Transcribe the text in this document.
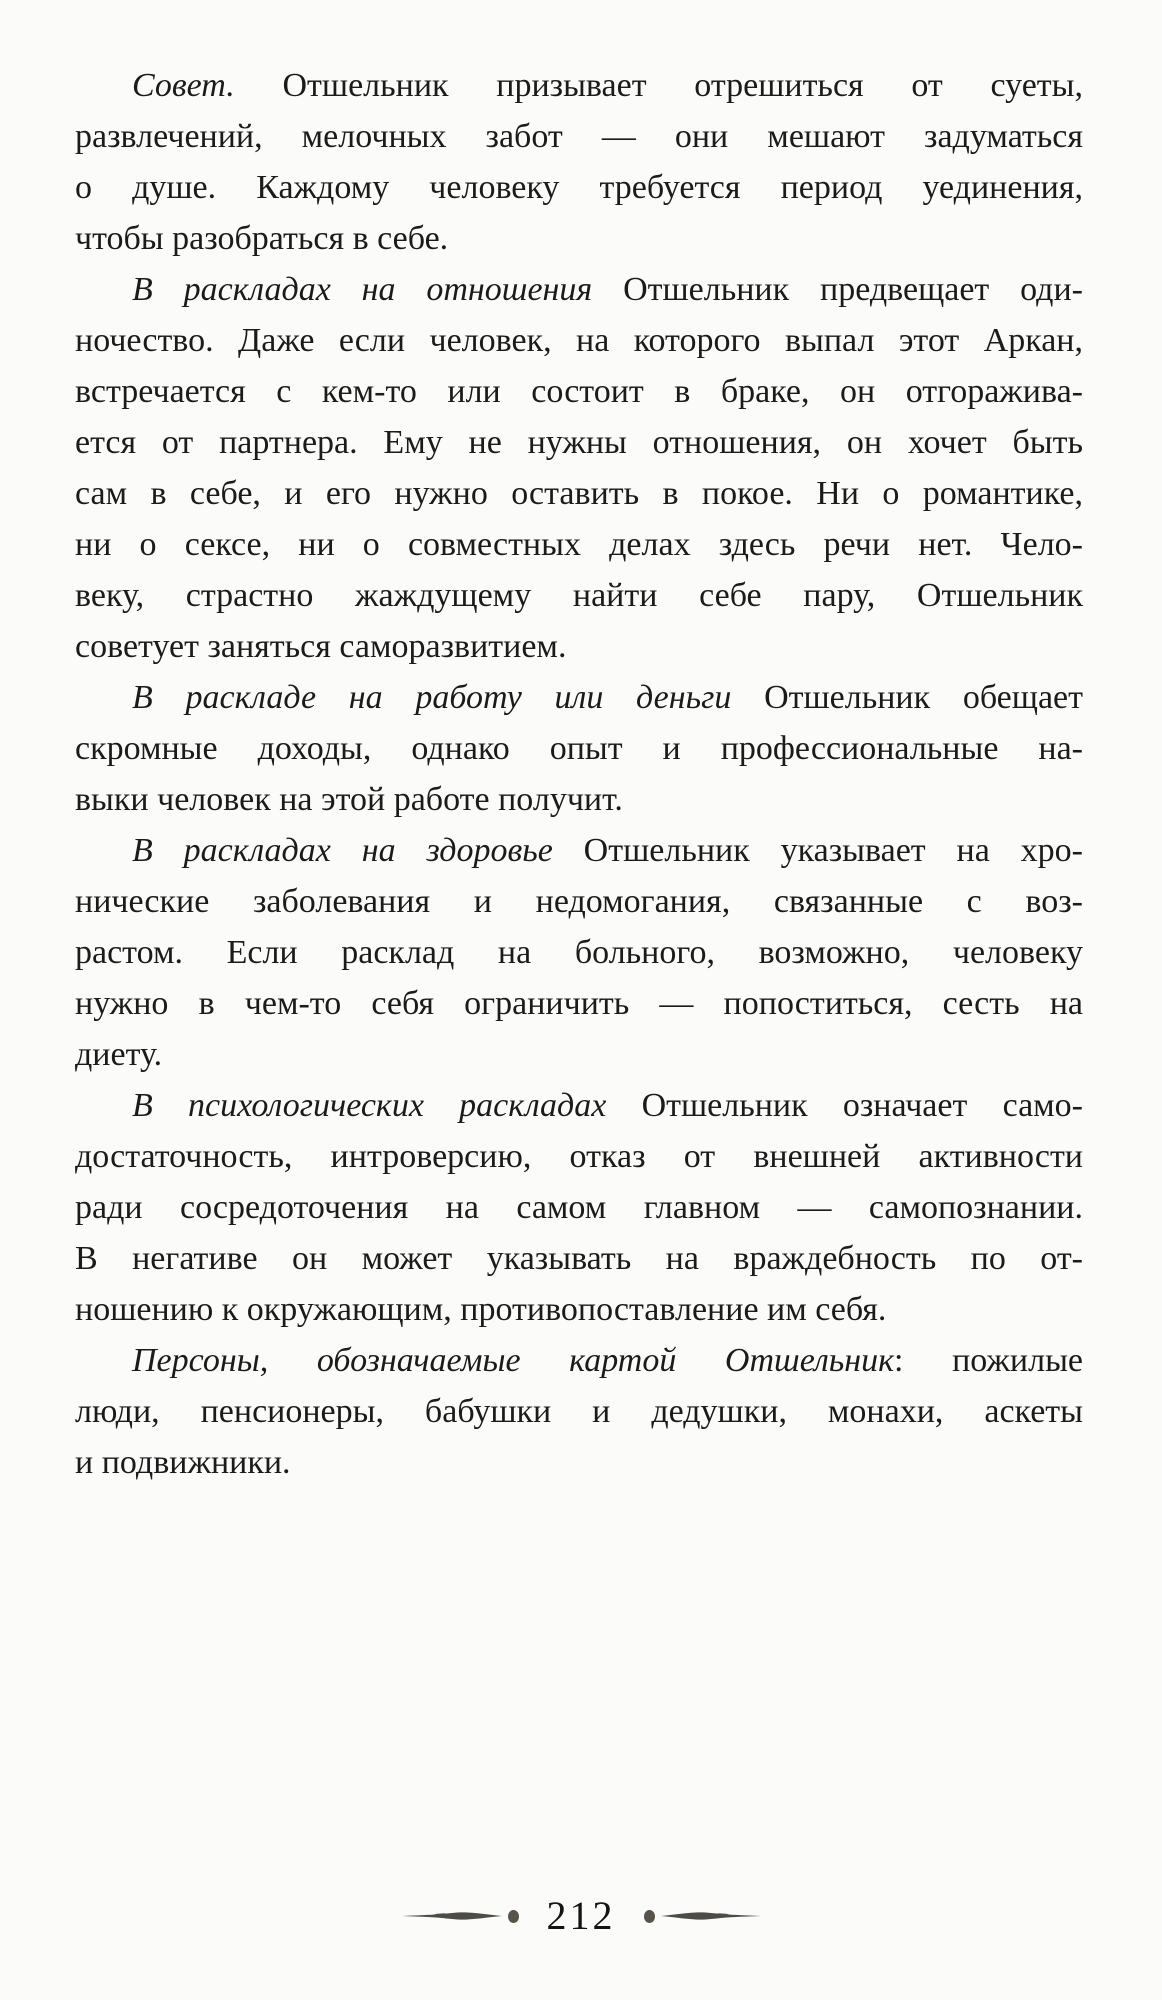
Совет. Отшельник призывает отрешиться от суеты,
развлечений, мелочных забот — они мешают задуматься
о душе. Каждому человеку требуется период уединения,
чтобы разобраться в себе.
В раскладах на отношения Отшельник предвещает оди-
ночество. Даже если человек, на которого выпал этот Аркан,
встречается с кем-то или состоит в браке, он отгоражива-
ется от партнера. Ему не нужны отношения, он хочет быть
сам в себе, и его нужно оставить в покое. Ни о романтике,
ни о сексе, ни о совместных делах здесь речи нет. Чело-
веку, страстно жаждущему найти себе пару, Отшельник
советует заняться саморазвитием.
В раскладе на работу или деньги Отшельник обещает
скромные доходы, однако опыт и профессиональные на-
выки человек на этой работе получит.
В раскладах на здоровье Отшельник указывает на хро-
нические заболевания и недомогания, связанные с воз-
растом. Если расклад на больного, возможно, человеку
нужно в чем-то себя ограничить — попоститься, сесть на
диету.
В психологических раскладах Отшельник означает само-
достаточность, интроверсию, отказ от внешней активности
ради сосредоточения на самом главном — самопознании.
В негативе он может указывать на враждебность по от-
ношению к окружающим, противопоставление им себя.
Персоны, обозначаемые картой Отшельник: пожилые
люди, пенсионеры, бабушки и дедушки, монахи, аскеты
и подвижники.
212
